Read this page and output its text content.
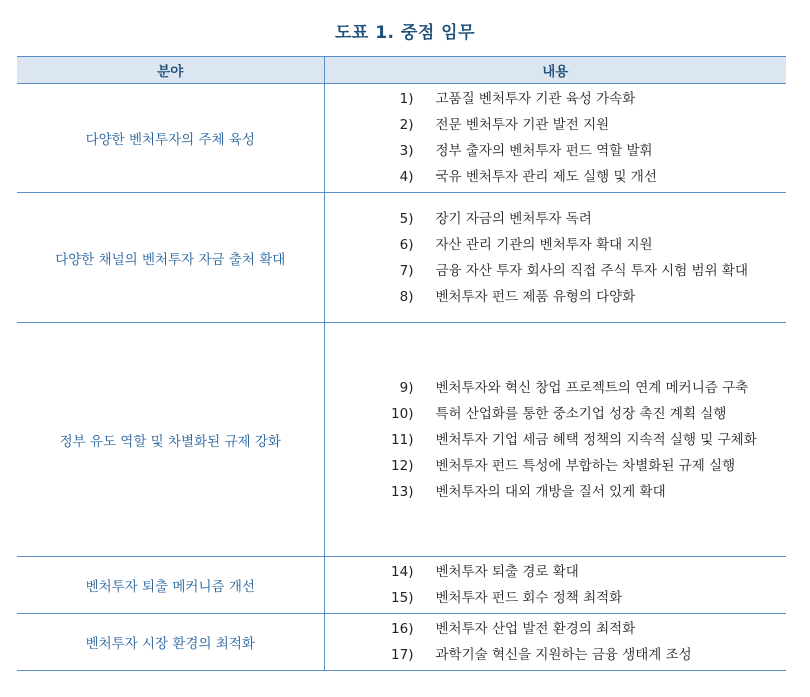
도표 1. 중점 임무
분야	내용
다양한 벤처투자의 주체 육성	1) 고품질 벤처투자 기관 육성 가속화
2) 전문 벤처투자 기관 발전 지원
3) 정부 출자의 벤처투자 펀드 역할 발휘
4) 국유 벤처투자 관리 제도 실행 및 개선

다양한 채널의 벤처투자 자금 출처 확대	5) 장기 자금의 벤처투자 독려
6) 자산 관리 기관의 벤처투자 확대 지원
7) 금융 자산 투자 회사의 직접 주식 투자 시험 범위 확대
8) 벤처투자 펀드 제품 유형의 다양화

정부 유도 역할 및 차별화된 규제 강화	9) 벤처투자와 혁신 창업 프로젝트의 연계 메커니즘 구축
10) 특허 산업화를 통한 중소기업 성장 촉진 계획 실행
11) 벤처투자 기업 세금 혜택 정책의 지속적 실행 및 구체화
12) 벤처투자 펀드 특성에 부합하는 차별화된 규제 실행
13) 벤처투자의 대외 개방을 질서 있게 확대

벤처투자 퇴출 메커니즘 개선	14) 벤처투자 퇴출 경로 확대
15) 벤처투자 펀드 회수 정책 최적화

벤처투자 시장 환경의 최적화	16) 벤처투자 산업 발전 환경의 최적화
17) 과학기술 혁신을 지원하는 금융 생태계 조성
